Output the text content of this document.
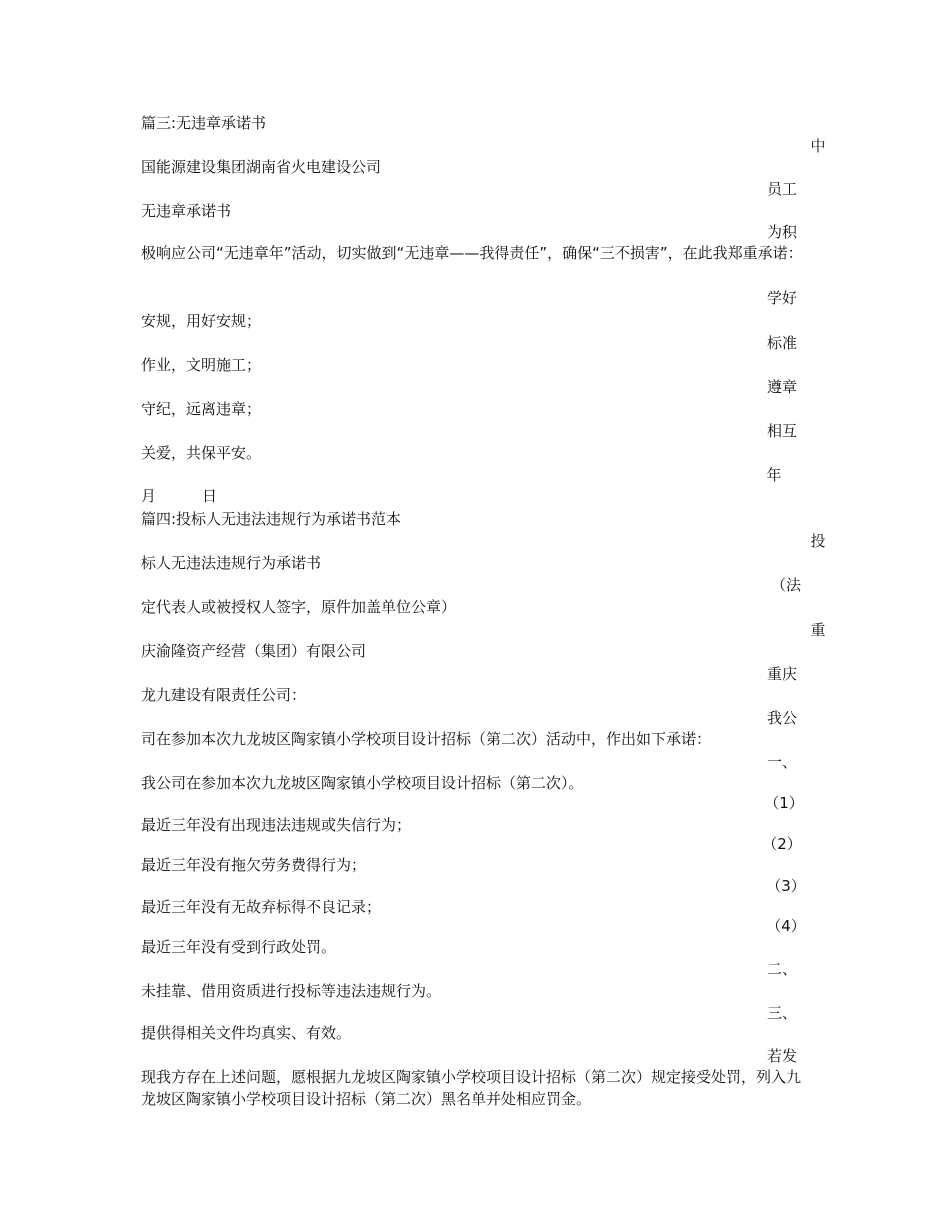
篇三:无违章承诺书
国能源建设集团湖南省火电建设公司
无违章承诺书
极响应公司“无违章年”活动，切实做到“无违章——我得责任”，确保“三不损害”，在此我郑重承诺：
安规，用好安规；
作业，文明施工；
守纪，远离违章；
关爱，共保平安。
月	日
篇四:投标人无违法违规行为承诺书范本
标人无违法违规行为承诺书
定代表人或被授权人签字，原件加盖单位公章）
庆渝隆资产经营（集团）有限公司
龙九建设有限责任公司：
司在参加本次九龙坡区陶家镇小学校项目设计招标（第二次）活动中，作出如下承诺：
我公司在参加本次九龙坡区陶家镇小学校项目设计招标（第二次）。
最近三年没有出现违法违规或失信行为；
最近三年没有拖欠劳务费得行为；
最近三年没有无故弃标得不良记录；
最近三年没有受到行政处罚。
未挂靠、借用资质进行投标等违法违规行为。
提供得相关文件均真实、有效。
现我方存在上述问题，愿根据九龙坡区陶家镇小学校项目设计招标（第二次）规定接受处罚，列入九龙坡区陶家镇小学校项目设计招标（第二次）黑名单并处相应罚金。
中
员工
为积
学好
标准
遵章
相互
年
投
（法
重
重庆
我公
一、
（1）
（2）
（3）
（4）
二、
三、
若发
